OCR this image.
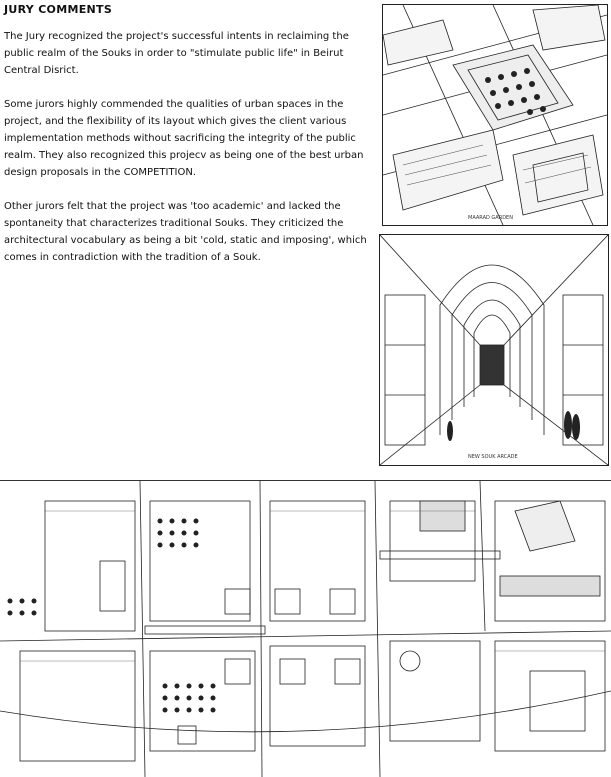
JURY COMMENTS

The Jury recognized the project's successful intents in reclaiming the public realm of the Souks in order to "stimulate public life" in Beirut Central Disrict.

Some jurors highly commended the qualities of urban spaces in the project, and the flexibility of its layout which gives the client various implementation methods without sacrificing the integrity of the public realm. They also recognized this projecv as being one of the best urban design proposals in the COMPETITION.

Other jurors felt that the project was 'too academic' and lacked the spontaneity that characterizes traditional Souks. They criticized the architectural vocabulary as being a bit 'cold, static and imposing', which comes in contradiction with the tradition of a Souk.

MAARAD GARDEN
NEW SOUK ARCADE
